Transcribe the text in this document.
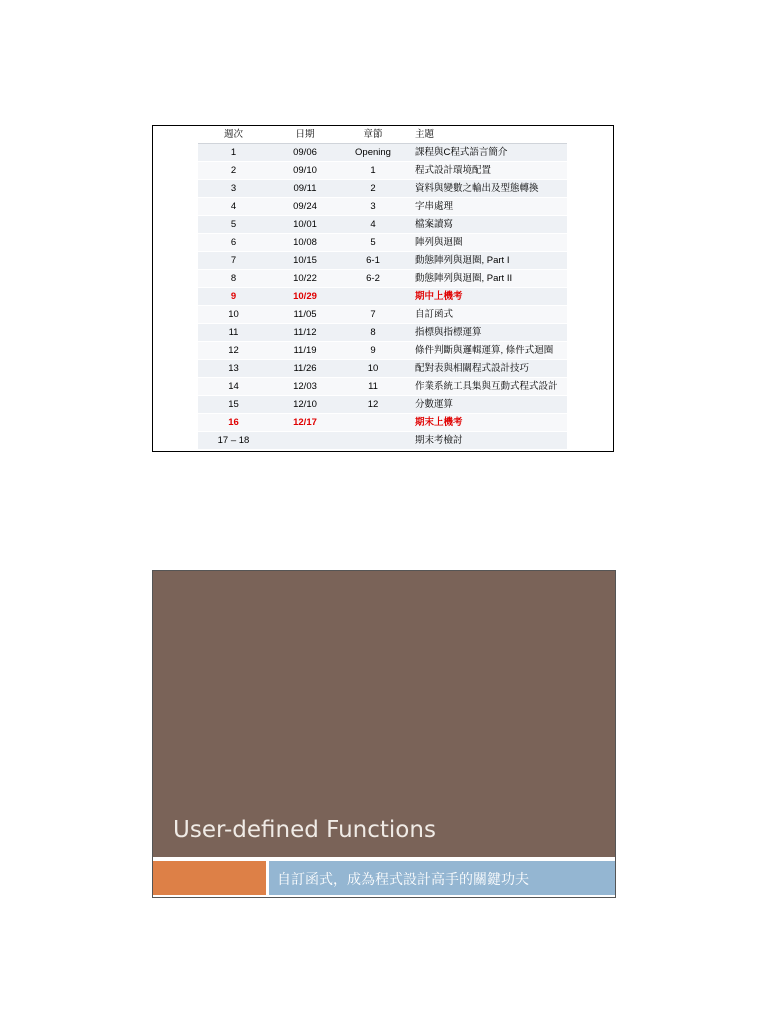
週次	日期	章節	主題
1	09/06	Opening	課程與C程式語言簡介
2	09/10	1	程式設計環境配置
3	09/11	2	資料與變數之輸出及型態轉換
4	09/24	3	字串處理
5	10/01	4	檔案讀寫
6	10/08	5	陣列與迴圈
7	10/15	6-1	動態陣列與迴圈, Part I
8	10/22	6-2	動態陣列與迴圈, Part II
9	10/29		期中上機考
10	11/05	7	自訂函式
11	11/12	8	指標與指標運算
12	11/19	9	條件判斷與邏輯運算, 條件式迴圈
13	11/26	10	配對表與相關程式設計技巧
14	12/03	11	作業系統工具集與互動式程式設計
15	12/10	12	分數運算
16	12/17		期末上機考
17 – 18			期末考檢討
User-defined Functions
自訂函式，成為程式設計高手的關鍵功夫
